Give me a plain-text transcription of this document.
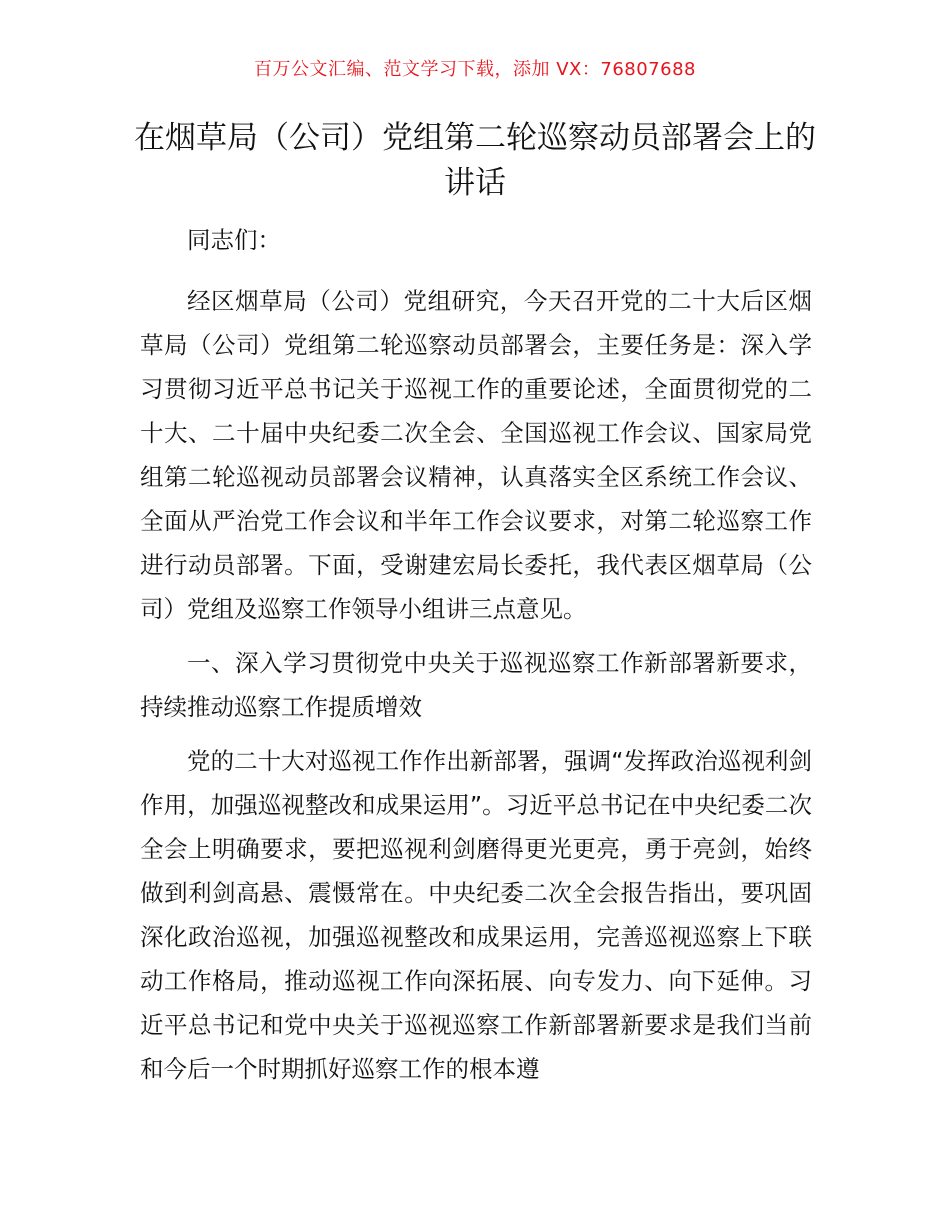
百万公文汇编、范文学习下载，添加 VX：76807688
在烟草局（公司）党组第二轮巡察动员部署会上的讲话

同志们：

经区烟草局（公司）党组研究，今天召开党的二十大后区烟草局（公司）党组第二轮巡察动员部署会，主要任务是：深入学习贯彻习近平总书记关于巡视工作的重要论述，全面贯彻党的二十大、二十届中央纪委二次全会、全国巡视工作会议、国家局党组第二轮巡视动员部署会议精神，认真落实全区系统工作会议、全面从严治党工作会议和半年工作会议要求，对第二轮巡察工作进行动员部署。下面，受谢建宏局长委托，我代表区烟草局（公司）党组及巡察工作领导小组讲三点意见。

一、深入学习贯彻党中央关于巡视巡察工作新部署新要求，持续推动巡察工作提质增效

党的二十大对巡视工作作出新部署，强调“发挥政治巡视利剑作用，加强巡视整改和成果运用”。习近平总书记在中央纪委二次全会上明确要求，要把巡视利剑磨得更光更亮，勇于亮剑，始终做到利剑高悬、震慑常在。中央纪委二次全会报告指出，要巩固深化政治巡视，加强巡视整改和成果运用，完善巡视巡察上下联动工作格局，推动巡视工作向深拓展、向专发力、向下延伸。习近平总书记和党中央关于巡视巡察工作新部署新要求是我们当前和今后一个时期抓好巡察工作的根本遵
